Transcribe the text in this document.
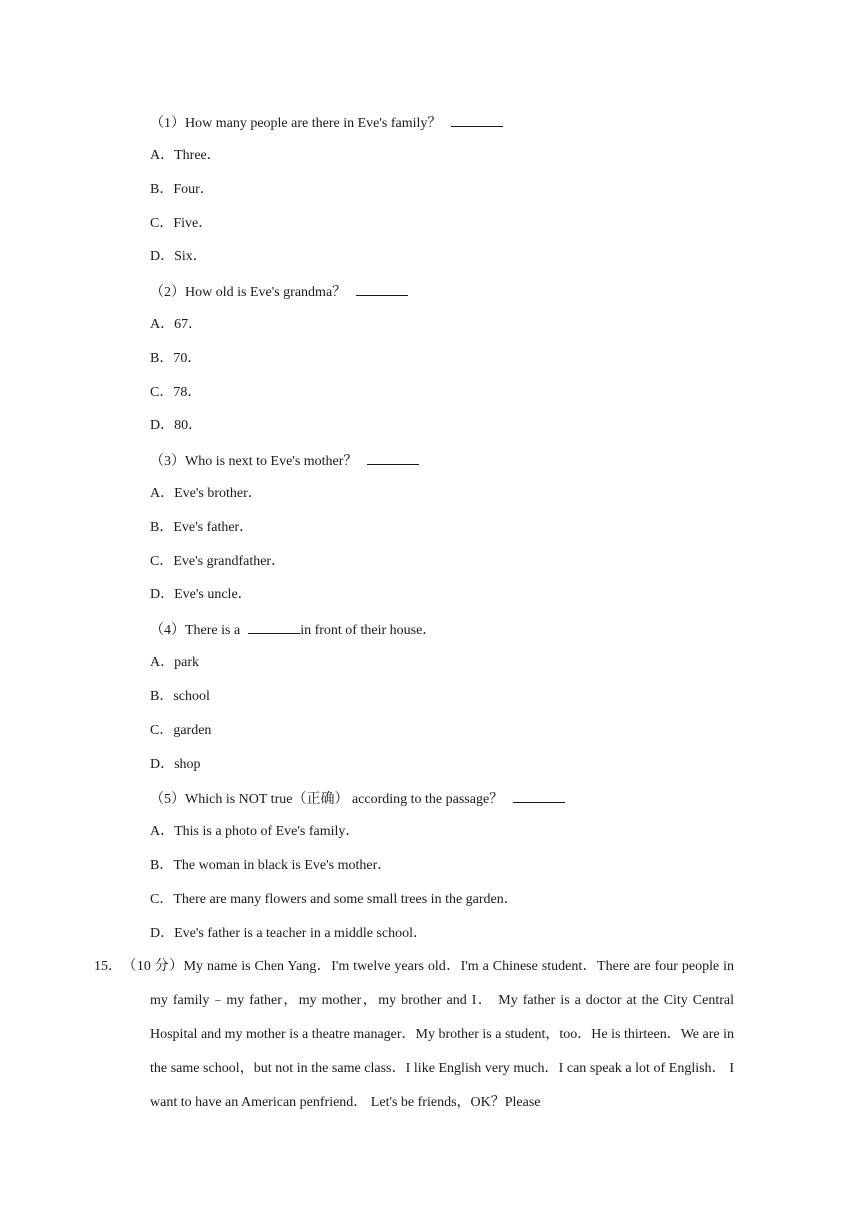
（1）How many people are there in Eve's family？
A．Three．
B．Four．
C．Five．
D．Six．
（2）How old is Eve's grandma？
A．67．
B．70．
C．78．
D．80．
（3）Who is next to Eve's mother？
A．Eve's brother．
B．Eve's father．
C．Eve's grandfather．
D．Eve's uncle．
（4）There is a	in front of their house．
A．park
B．school
C．garden
D．shop
（5）Which is NOT true（正确） according to the passage？
A．This is a photo of Eve's family．
B．The woman in black is Eve's mother．
C．There are many flowers and some small trees in the garden．
D．Eve's father is a teacher in a middle school．

15．（10 分）My name is Chen Yang．I'm twelve years old．I'm a Chinese student．There are four people in my family﹣my father，my mother，my brother and I． My father is a doctor at the City Central Hospital and my mother is a theatre manager．My brother is a student，too．He is thirteen．We are in the same school，but not in the same class．I like English very much．I can speak a lot of English． I want to have an American penfriend． Let's be friends，OK？Please
